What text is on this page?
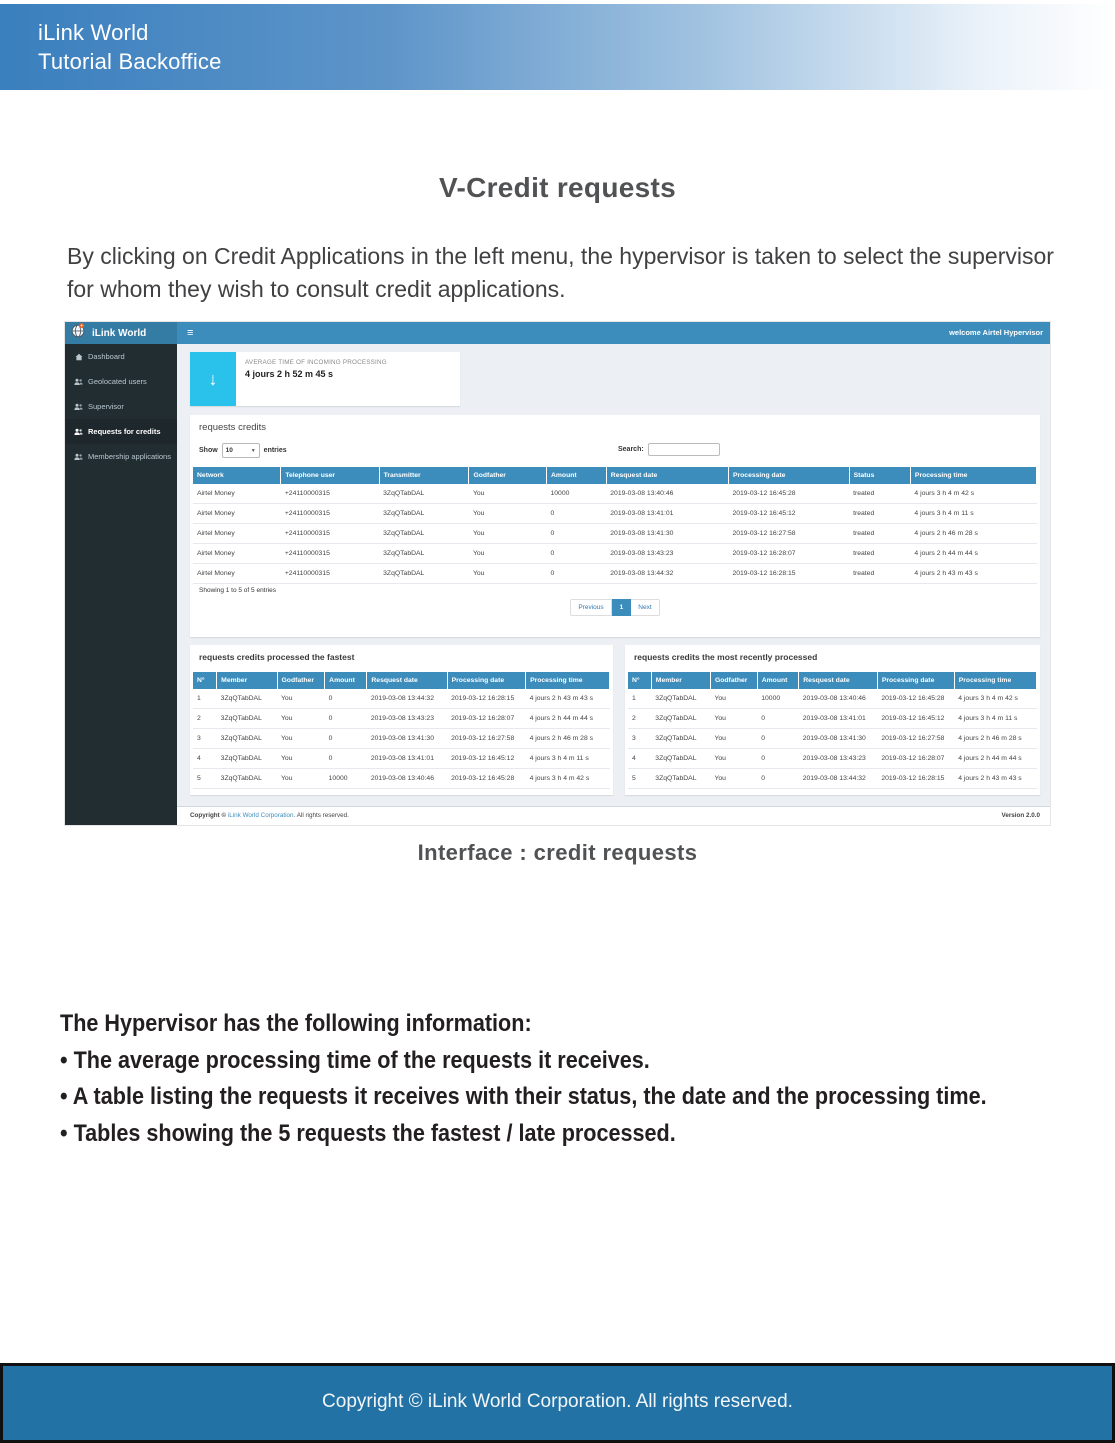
iLink World
Tutorial Backoffice
V-Credit requests
By clicking on Credit Applications in the left menu, the hypervisor is taken to select the supervisor for whom they wish to consult credit applications.
iLink World	≡	welcome Airtel Hypervisor
Dashboard
Geolocated users
Supervisor
Requests for credits
Membership applications
↓
AVERAGE TIME OF INCOMING PROCESSING
4 jours 2 h 52 m 45 s
requests credits
Show 10	▼ entries	Search:
Network	Telephone user	Transmitter	Godfather	Amount	Resquest date	Processing date	Status	Processing time
Airtel Money	+24110000315	3ZqQTabDAL	You	10000	2019-03-08 13:40:46	2019-03-12 16:45:28	treated	4 jours 3 h 4 m 42 s
Airtel Money	+24110000315	3ZqQTabDAL	You	0	2019-03-08 13:41:01	2019-03-12 16:45:12	treated	4 jours 3 h 4 m 11 s
Airtel Money	+24110000315	3ZqQTabDAL	You	0	2019-03-08 13:41:30	2019-03-12 16:27:58	treated	4 jours 2 h 46 m 28 s
Airtel Money	+24110000315	3ZqQTabDAL	You	0	2019-03-08 13:43:23	2019-03-12 16:28:07	treated	4 jours 2 h 44 m 44 s
Airtel Money	+24110000315	3ZqQTabDAL	You	0	2019-03-08 13:44:32	2019-03-12 16:28:15	treated	4 jours 2 h 43 m 43 s
Showing 1 to 5 of 5 entries
Previous	1	Next
requests credits processed the fastest
N°	Member	Godfather	Amount	Resquest date	Processing date	Processing time
1	3ZqQTabDAL	You	0	2019-03-08 13:44:32	2019-03-12 16:28:15	4 jours 2 h 43 m 43 s
2	3ZqQTabDAL	You	0	2019-03-08 13:43:23	2019-03-12 16:28:07	4 jours 2 h 44 m 44 s
3	3ZqQTabDAL	You	0	2019-03-08 13:41:30	2019-03-12 16:27:58	4 jours 2 h 46 m 28 s
4	3ZqQTabDAL	You	0	2019-03-08 13:41:01	2019-03-12 16:45:12	4 jours 3 h 4 m 11 s
5	3ZqQTabDAL	You	10000	2019-03-08 13:40:46	2019-03-12 16:45:28	4 jours 3 h 4 m 42 s
requests credits the most recently processed
N°	Member	Godfather	Amount	Resquest date	Processing date	Processing time
1	3ZqQTabDAL	You	10000	2019-03-08 13:40:46	2019-03-12 16:45:28	4 jours 3 h 4 m 42 s
2	3ZqQTabDAL	You	0	2019-03-08 13:41:01	2019-03-12 16:45:12	4 jours 3 h 4 m 11 s
3	3ZqQTabDAL	You	0	2019-03-08 13:41:30	2019-03-12 16:27:58	4 jours 2 h 46 m 28 s
4	3ZqQTabDAL	You	0	2019-03-08 13:43:23	2019-03-12 16:28:07	4 jours 2 h 44 m 44 s
5	3ZqQTabDAL	You	0	2019-03-08 13:44:32	2019-03-12 16:28:15	4 jours 2 h 43 m 43 s
Copyright © iLink World Corporation. All rights reserved.	Version 2.0.0
Interface : credit requests
The Hypervisor has the following information:
• The average processing time of the requests it receives.
• A table listing the requests it receives with their status, the date and the processing time.
• Tables showing the 5 requests the fastest / late processed.
Copyright © iLink World Corporation. All rights reserved.
